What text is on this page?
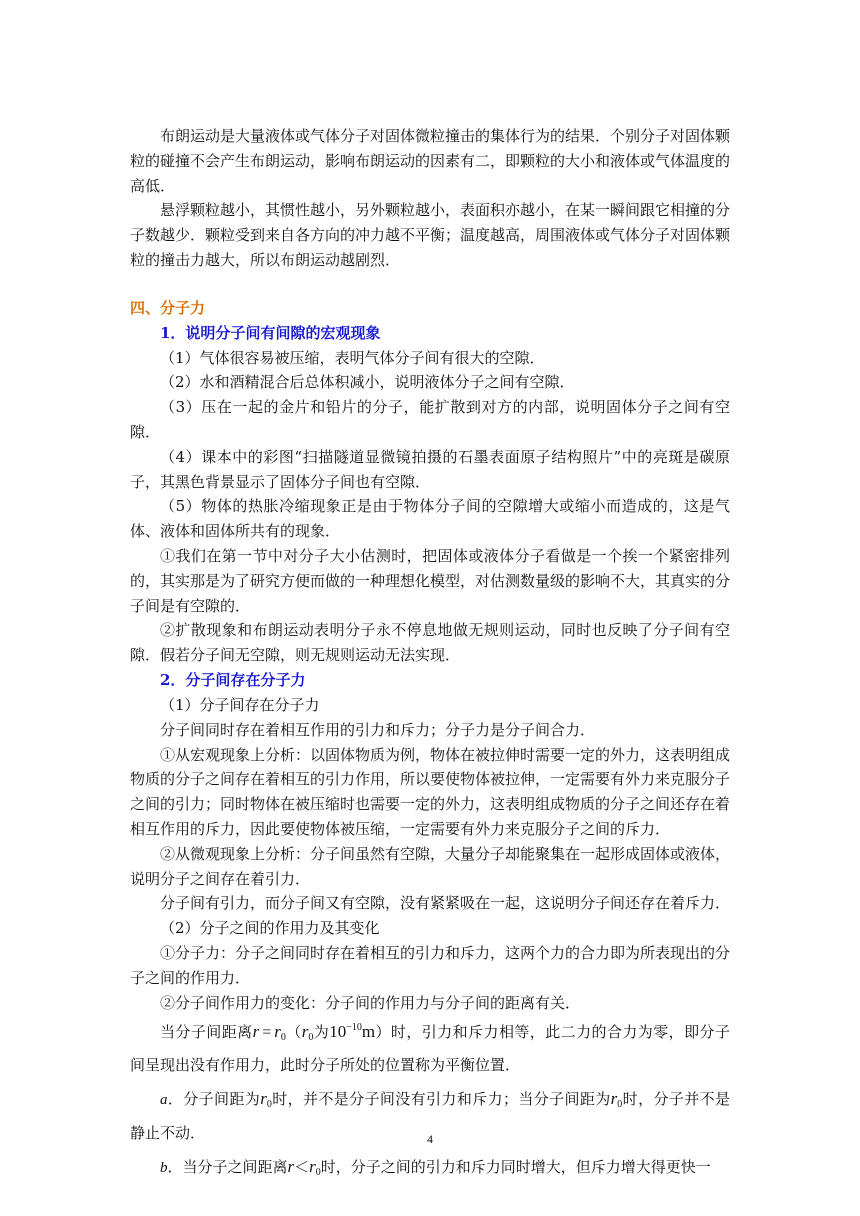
布朗运动是大量液体或气体分子对固体微粒撞击的集体行为的结果．个别分子对固体颗粒的碰撞不会产生布朗运动，影响布朗运动的因素有二，即颗粒的大小和液体或气体温度的高低．

悬浮颗粒越小，其惯性越小，另外颗粒越小，表面积亦越小，在某一瞬间跟它相撞的分子数越少．颗粒受到来自各方向的冲力越不平衡；温度越高，周围液体或气体分子对固体颗粒的撞击力越大，所以布朗运动越剧烈．

四、分子力
1．说明分子间有间隙的宏观现象

（1）气体很容易被压缩，表明气体分子间有很大的空隙．

（2）水和酒精混合后总体积减小，说明液体分子之间有空隙．

（3）压在一起的金片和铅片的分子，能扩散到对方的内部，说明固体分子之间有空隙．

（4）课本中的彩图“扫描隧道显微镜拍摄的石墨表面原子结构照片”中的亮斑是碳原子，其黑色背景显示了固体分子间也有空隙．

（5）物体的热胀冷缩现象正是由于物体分子间的空隙增大或缩小而造成的，这是气体、液体和固体所共有的现象．

①我们在第一节中对分子大小估测时，把固体或液体分子看做是一个挨一个紧密排列的，其实那是为了研究方便而做的一种理想化模型，对估测数量级的影响不大，其真实的分子间是有空隙的．

②扩散现象和布朗运动表明分子永不停息地做无规则运动，同时也反映了分子间有空隙．假若分子间无空隙，则无规则运动无法实现．

2．分子间存在分子力

（1）分子间存在分子力

分子间同时存在着相互作用的引力和斥力；分子力是分子间合力．

①从宏观现象上分析：以固体物质为例，物体在被拉伸时需要一定的外力，这表明组成物质的分子之间存在着相互的引力作用，所以要使物体被拉伸，一定需要有外力来克服分子之间的引力；同时物体在被压缩时也需要一定的外力，这表明组成物质的分子之间还存在着相互作用的斥力，因此要使物体被压缩，一定需要有外力来克服分子之间的斥力．

②从微观现象上分析：分子间虽然有空隙，大量分子却能聚集在一起形成固体或液体，说明分子之间存在着引力．

分子间有引力，而分子间又有空隙，没有紧紧吸在一起，这说明分子间还存在着斥力．

（2）分子之间的作用力及其变化

①分子力：分子之间同时存在着相互的引力和斥力，这两个力的合力即为所表现出的分子之间的作用力．

②分子间作用力的变化：分子间的作用力与分子间的距离有关．

当分子间距离$r = r_0(r_0$为$10^{-10}m$）时，引力和斥力相等，此二力的合力为零，即分子间呈现出没有作用力，此时分子所处的位置称为平衡位置．

a．分子间距为$r_0$时，并不是分子间没有引力和斥力；当分子间距为$r_0$时，分子并不是静止不动．

b．当分子之间距离$r<r_0$时，分子之间的引力和斥力同时增大，但斥力增大得更快一

4
